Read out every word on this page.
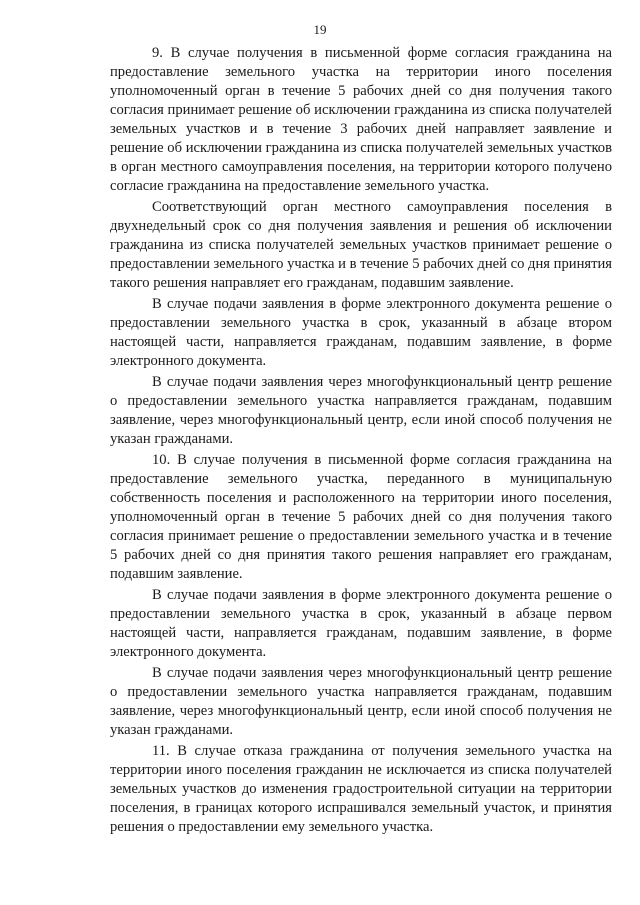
19

9. В случае получения в письменной форме согласия гражданина на предоставление земельного участка на территории иного поселения уполномоченный орган в течение 5 рабочих дней со дня получения такого согласия принимает решение об исключении гражданина из списка получателей земельных участков и в течение 3 рабочих дней направляет заявление и решение об исключении гражданина из списка получателей земельных участков в орган местного самоуправления поселения, на территории которого получено согласие гражданина на предоставление земельного участка.

Соответствующий орган местного самоуправления поселения в двухнедельный срок со дня получения заявления и решения об исключении гражданина из списка получателей земельных участков принимает решение о предоставлении земельного участка и в течение 5 рабочих дней со дня принятия такого решения направляет его гражданам, подавшим заявление.

В случае подачи заявления в форме электронного документа решение о предоставлении земельного участка в срок, указанный в абзаце втором настоящей части, направляется гражданам, подавшим заявление, в форме электронного документа.

В случае подачи заявления через многофункциональный центр решение о предоставлении земельного участка направляется гражданам, подавшим заявление, через многофункциональный центр, если иной способ получения не указан гражданами.

10. В случае получения в письменной форме согласия гражданина на предоставление земельного участка, переданного в муниципальную собственность поселения и расположенного на территории иного поселения, уполномоченный орган в течение 5 рабочих дней со дня получения такого согласия принимает решение о предоставлении земельного участка и в течение 5 рабочих дней со дня принятия такого решения направляет его гражданам, подавшим заявление.

В случае подачи заявления в форме электронного документа решение о предоставлении земельного участка в срок, указанный в абзаце первом настоящей части, направляется гражданам, подавшим заявление, в форме электронного документа.

В случае подачи заявления через многофункциональный центр решение о предоставлении земельного участка направляется гражданам, подавшим заявление, через многофункциональный центр, если иной способ получения не указан гражданами.

11. В случае отказа гражданина от получения земельного участка на территории иного поселения гражданин не исключается из списка получателей земельных участков до изменения градостроительной ситуации на территории поселения, в границах которого испрашивался земельный участок, и принятия решения о предоставлении ему земельного участка.
